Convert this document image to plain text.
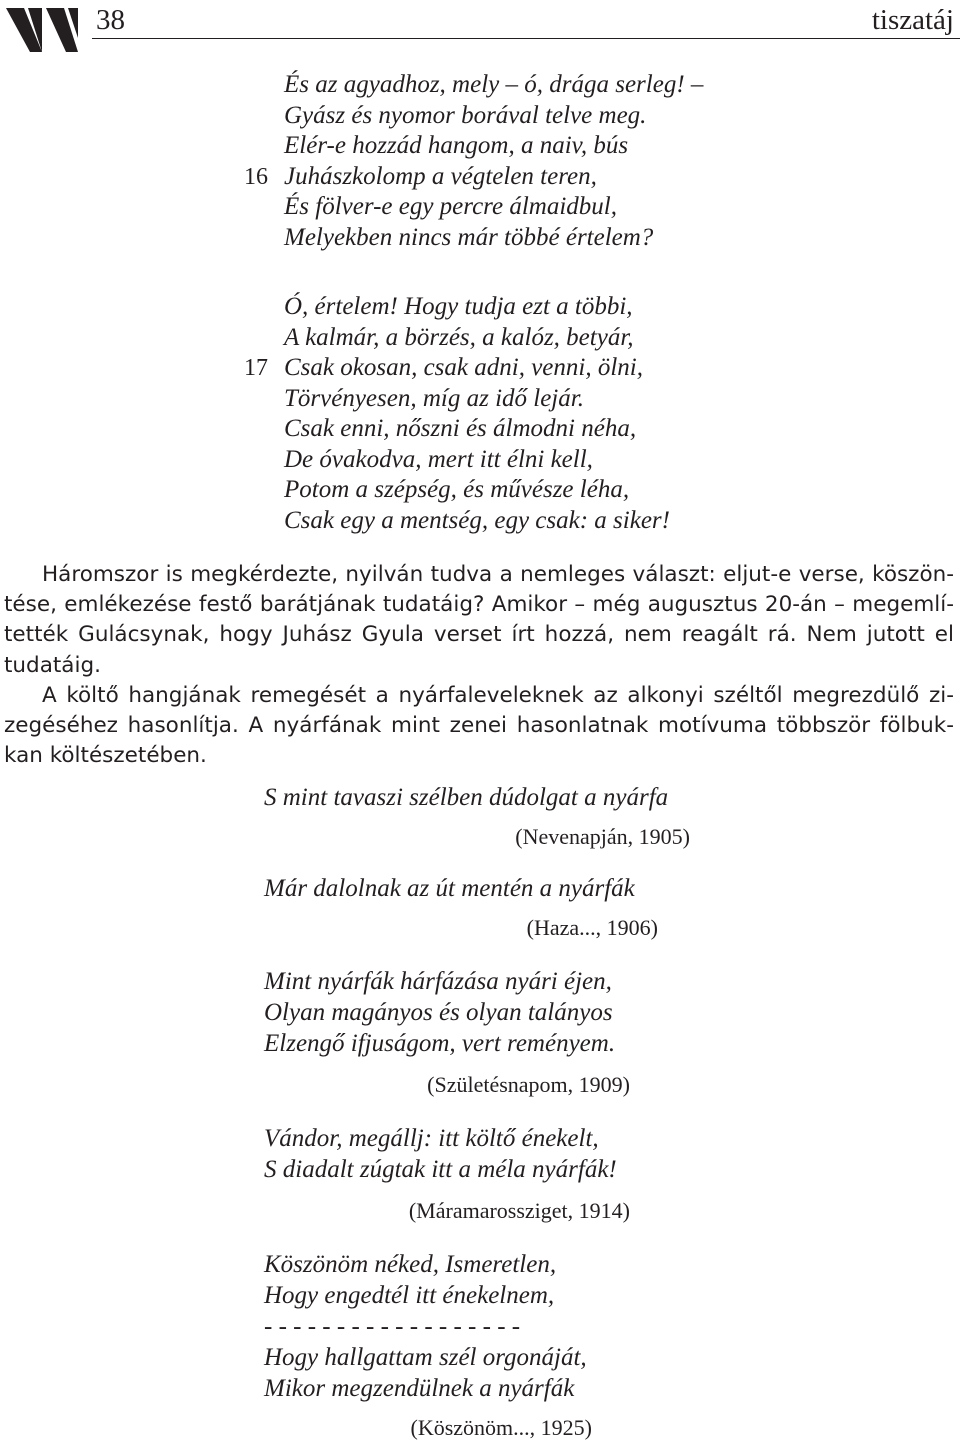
38	tiszatáj
És az agyadhoz, mely – ó, drága serleg! –
Gyász és nyomor borával telve meg.
Elér-e hozzád hangom, a naiv, bús
16 Juhászkolomp a végtelen teren,
És fölver-e egy percre álmaidbul,
Melyekben nincs már többé értelem?
Ó, értelem! Hogy tudja ezt a többi,
A kalmár, a börzés, a kalóz, betyár,
17 Csak okosan, csak adni, venni, ölni,
Törvényesen, míg az idő lejár.
Csak enni, nőszni és álmodni néha,
De óvakodva, mert itt élni kell,
Potom a szépség, és művésze léha,
Csak egy a mentség, egy csak: a siker!
Háromszor is megkérdezte, nyilván tudva a nemleges választ: eljut-e verse, köszön-
tése, emlékezése festő barátjának tudatáig? Amikor – még augusztus 20-án – megemlí-
tették Gulácsynak, hogy Juhász Gyula verset írt hozzá, nem reagált rá. Nem jutott el
tudatáig.
A költő hangjának remegését a nyárfaleveleknek az alkonyi széltől megrezdülő zi-
zegéséhez hasonlítja. A nyárfának mint zenei hasonlatnak motívuma többször fölbuk-
kan költészetében.
S mint tavaszi szélben dúdolgat a nyárfa
(Nevenapján, 1905)
Már dalolnak az út mentén a nyárfák
(Haza..., 1906)
Mint nyárfák hárfázása nyári éjen,
Olyan magányos és olyan talányos
Elzengő ifjuságom, vert reményem.
(Születésnapom, 1909)
Vándor, megállj: itt költő énekelt,
S diadalt zúgtak itt a méla nyárfák!
(Máramarossziget, 1914)
Köszönöm néked, Ismeretlen,
Hogy engedtél itt énekelnem,
- - - - - - - - - - - - - - - - - -
Hogy hallgattam szél orgonáját,
Mikor megzendülnek a nyárfák
(Köszönöm..., 1925)
